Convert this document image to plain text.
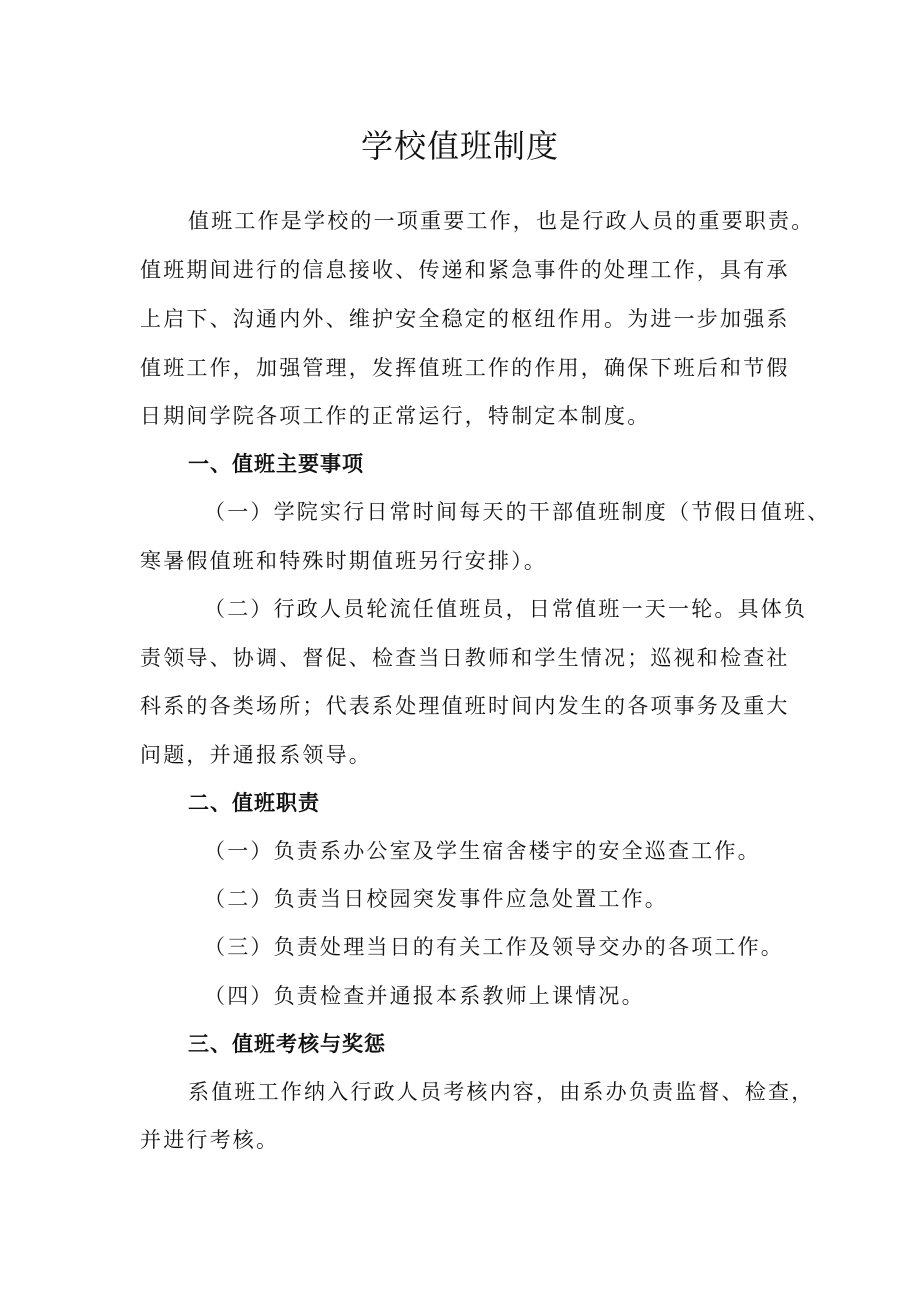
学校值班制度
值班工作是学校的一项重要工作，也是行政人员的重要职责。
值班期间进行的信息接收、传递和紧急事件的处理工作，具有承
上启下、沟通内外、维护安全稳定的枢纽作用。为进一步加强系
值班工作，加强管理，发挥值班工作的作用，确保下班后和节假
日期间学院各项工作的正常运行，特制定本制度。
一、值班主要事项
（一）学院实行日常时间每天的干部值班制度（节假日值班、
寒暑假值班和特殊时期值班另行安排）。
（二）行政人员轮流任值班员，日常值班一天一轮。具体负
责领导、协调、督促、检查当日教师和学生情况；巡视和检查社
科系的各类场所；代表系处理值班时间内发生的各项事务及重大
问题，并通报系领导。
二、值班职责
（一）负责系办公室及学生宿舍楼宇的安全巡查工作。
（二）负责当日校园突发事件应急处置工作。
（三）负责处理当日的有关工作及领导交办的各项工作。
（四）负责检查并通报本系教师上课情况。
三、值班考核与奖惩
系值班工作纳入行政人员考核内容，由系办负责监督、检查，
并进行考核。
